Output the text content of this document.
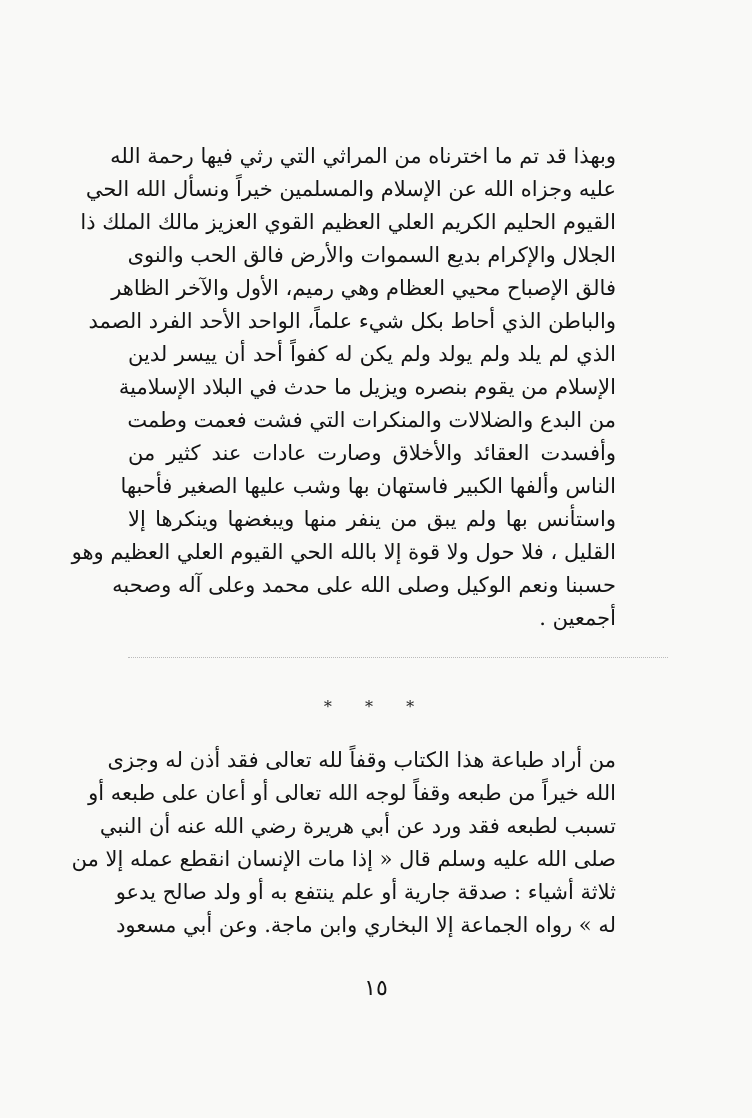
وبهذا قد تم ما اخترناه من المراثي التي رثي فيها رحمة الله
عليه وجزاه الله عن الإسلام والمسلمين خيراً ونسأل الله الحي
القيوم الحليم الكريم العلي العظيم القوي العزيز مالك الملك ذا
الجلال والإكرام بديع السموات والأرض فالق الحب والنوى
فالق الإصباح محيي العظام وهي رميم، الأول والآخر الظاهر
والباطن الذي أحاط بكل شيء علماً، الواحد الأحد الفرد الصمد
الذي لم يلد ولم يولد ولم يكن له كفواً أحد أن ييسر لدين
الإسلام من يقوم بنصره ويزيل ما حدث في البلاد الإسلامية
من البدع والضلالات والمنكرات التي فشت فعمت وطمت
وأفسدت العقائد والأخلاق وصارت عادات عند كثير من
الناس وألفها الكبير فاستهان بها وشب عليها الصغير فأحبها
واستأنس بها ولم يبق من ينفر منها ويبغضها وينكرها إلا
القليل ، فلا حول ولا قوة إلا بالله الحي القيوم العلي العظيم وهو
حسبنا ونعم الوكيل وصلى الله على محمد وعلى آله وصحبه
أجمعين .
* * *
من أراد طباعة هذا الكتاب وقفاً لله تعالى فقد أذن له وجزى
الله خيراً من طبعه وقفاً لوجه الله تعالى أو أعان على طبعه أو
تسبب لطبعه فقد ورد عن أبي هريرة رضي الله عنه أن النبي
صلى الله عليه وسلم قال « إذا مات الإنسان انقطع عمله إلا من
ثلاثة أشياء : صدقة جارية أو علم ينتفع به أو ولد صالح يدعو
له » رواه الجماعة إلا البخاري وابن ماجة. وعن أبي مسعود
١٥
